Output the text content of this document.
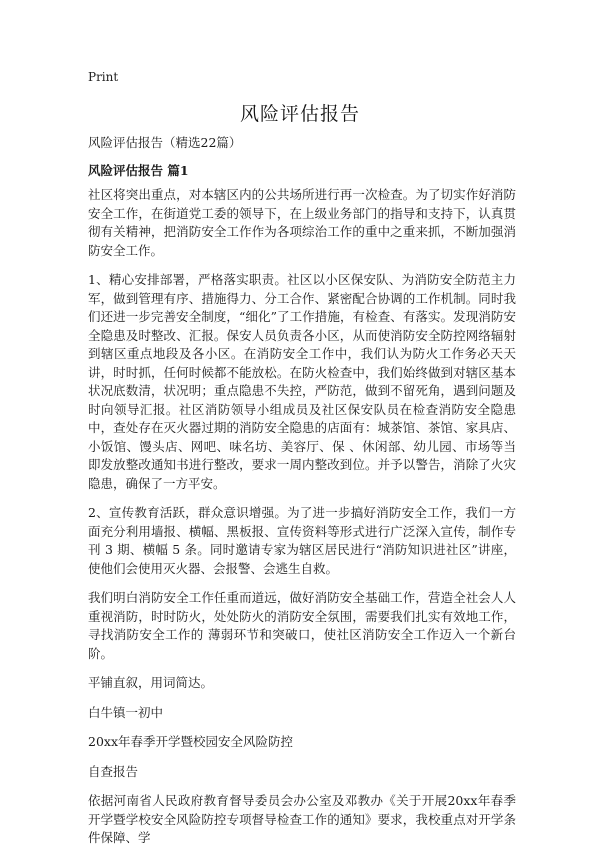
Print
风险评估报告
风险评估报告（精选22篇）
风险评估报告 篇1

社区将突出重点，对本辖区内的公共场所进行再一次检查。为了切实作好消防安全工作，在街道党工委的领导下，在上级业务部门的指导和支持下，认真贯彻有关精神，把消防安全工作作为各项综治工作的重中之重来抓，不断加强消防安全工作。

1、精心安排部署，严格落实职责。社区以小区保安队、为消防安全防范主力军，做到管理有序、措施得力、分工合作、紧密配合协调的工作机制。同时我们还进一步完善安全制度，“细化”了工作措施，有检查、有落实。发现消防安全隐患及时整改、汇报。保安人员负责各小区，从而使消防安全防控网络辐射到辖区重点地段及各小区。在消防安全工作中，我们认为防火工作务必天天讲，时时抓，任何时候都不能放松。在防火检查中，我们始终做到对辖区基本状况底数清，状况明；重点隐患不失控，严防范，做到不留死角，遇到问题及时向领导汇报。社区消防领导小组成员及社区保安队员在检查消防安全隐患中，查处存在灭火器过期的消防安全隐患的店面有：城茶馆、茶馆、家具店、小饭馆、馒头店、网吧、味名坊、美容厅、保 、休闲部、幼儿园、市场等当即发放整改通知书进行整改，要求一周内整改到位。并予以警告，消除了火灾隐患，确保了一方平安。

2、宣传教育活跃，群众意识增强。为了进一步搞好消防安全工作，我们一方面充分利用墙报、横幅、黑板报、宣传资料等形式进行广泛深入宣传，制作专刊 3 期、横幅 5 条。同时邀请专家为辖区居民进行“消防知识进社区”讲座，使他们会使用灭火器、会报警、会逃生自救。

我们明白消防安全工作任重而道远，做好消防安全基础工作，营造全社会人人重视消防，时时防火，处处防火的消防安全氛围，需要我们扎实有效地工作，寻找消防安全工作的 薄弱环节和突破口，使社区消防安全工作迈入一个新台阶。

平铺直叙，用词简达。

白牛镇一初中

20xx年春季开学暨校园安全风险防控

自查报告

依据河南省人民政府教育督导委员会办公室及邓教办《关于开展20xx年春季开学暨学校安全风险防控专项督导检查工作的通知》要求，我校重点对开学条件保障、学
